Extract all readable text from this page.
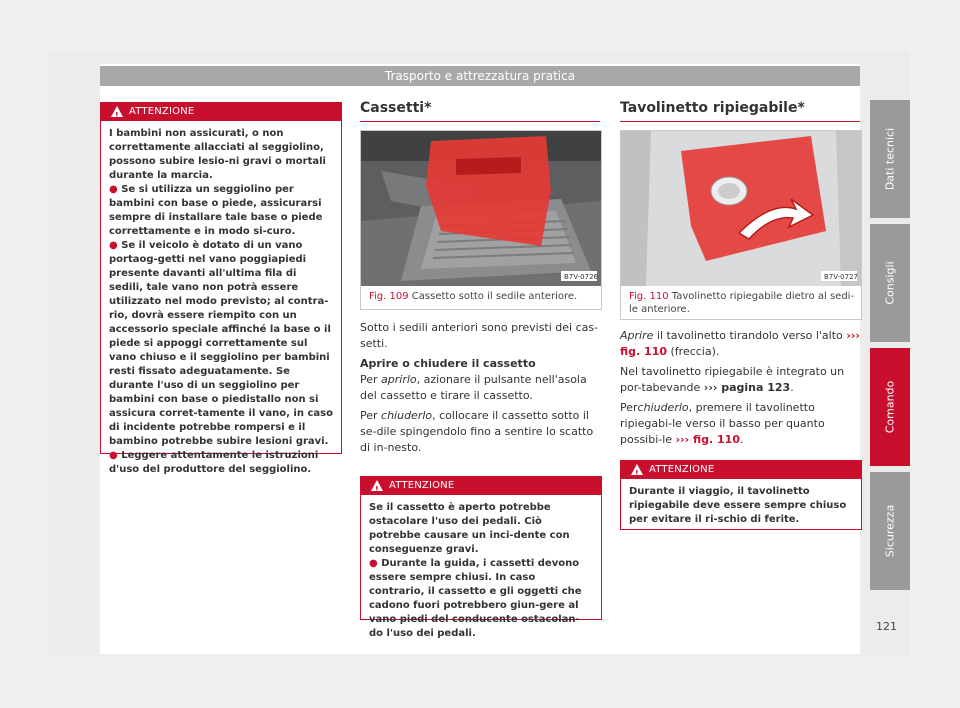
Trasporto e attrezzatura pratica
!
ATTENZIONE

I bambini non assicurati, o non correttamente allacciati al seggiolino, possono subire lesio-ni gravi o mortali durante la marcia.

● Se si utilizza un seggiolino per bambini con base o piede, assicurarsi sempre di installare tale base o piede correttamente e in modo si-curo.

● Se il veicolo è dotato di un vano portaog-getti nel vano poggiapiedi presente davanti all'ultima fila di sedili, tale vano non potrà essere utilizzato nel modo previsto; al contra-rio, dovrà essere riempito con un accessorio speciale affinché la base o il piede si appoggi correttamente sul vano chiuso e il seggiolino per bambini resti fissato adeguatamente. Se durante l'uso di un seggiolino per bambini con base o piedistallo non si assicura corret-tamente il vano, in caso di incidente potrebbe rompersi e il bambino potrebbe subire lesioni gravi.

● Leggere attentamente le istruzioni d'uso del produttore del seggiolino.

Cassetti*
B7V-0726
Fig. 109 Cassetto sotto il sedile anteriore.

Sotto i sedili anteriori sono previsti dei cas-setti.

Aprire o chiudere il cassetto

Per aprirlo, azionare il pulsante nell'asola del cassetto e tirare il cassetto.

Per chiuderlo, collocare il cassetto sotto il se-dile spingendolo fino a sentire lo scatto di in-nesto.

!
ATTENZIONE

Se il cassetto è aperto potrebbe ostacolare l'uso dei pedali. Ciò potrebbe causare un inci-dente con conseguenze gravi.

● Durante la guida, i cassetti devono essere sempre chiusi. In caso contrario, il cassetto e gli oggetti che cadono fuori potrebbero giun-gere al vano piedi del conducente ostacolan-do l'uso dei pedali.

Tavolinetto ripiegabile*
B7V-0727
Fig. 110 Tavolinetto ripiegabile dietro al sedi-le anteriore.

Aprire il tavolinetto tirandolo verso l'alto ››› fig. 110 (freccia).

Nel tavolinetto ripiegabile è integrato un por-tabevande ››› pagina 123.

Perchiuderlo, premere il tavolinetto ripiegabi-le verso il basso per quanto possibi-le ››› fig. 110.

!
ATTENZIONE

Durante il viaggio, il tavolinetto ripiegabile deve essere sempre chiuso per evitare il ri-schio di ferite.

Dati tecnici
Consigli
Comando
Sicurezza
121
